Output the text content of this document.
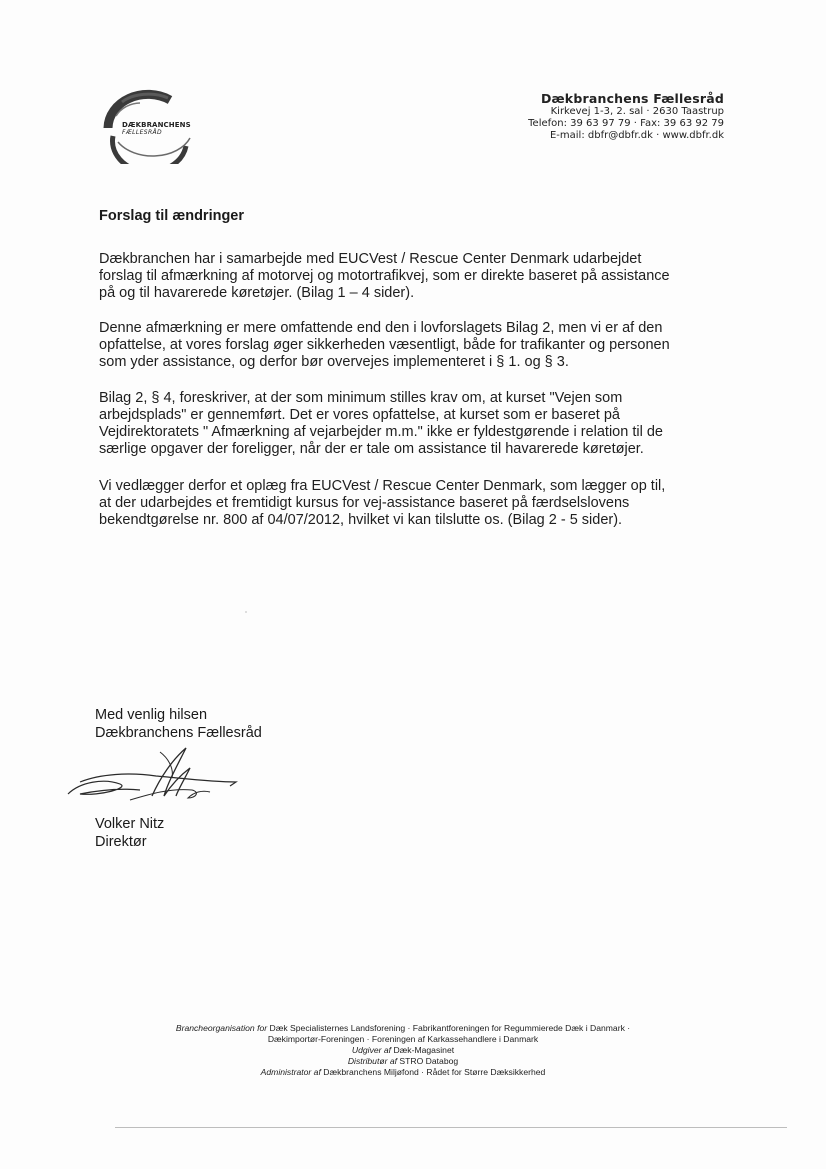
DÆKBRANCHENS
FÆLLESRÅD
Dækbranchens Fællesråd
Kirkevej 1-3, 2. sal · 2630 Taastrup
Telefon: 39 63 97 79 · Fax: 39 63 92 79
E-mail: dbfr@dbfr.dk · www.dbfr.dk
Forslag til ændringer

Dækbranchen har i samarbejde med EUCVest / Rescue Center Denmark udarbejdet
forslag til afmærkning af motorvej og motortrafikvej, som er direkte baseret på assistance
på og til havarerede køretøjer. (Bilag 1 – 4 sider).

Denne afmærkning er mere omfattende end den i lovforslagets Bilag 2, men vi er af den
opfattelse, at vores forslag øger sikkerheden væsentligt, både for trafikanter og personen
som yder assistance, og derfor bør overvejes implementeret i § 1. og § 3.

Bilag 2, § 4, foreskriver, at der som minimum stilles krav om, at kurset "Vejen som
arbejdsplads" er gennemført. Det er vores opfattelse, at kurset som er baseret på
Vejdirektoratets " Afmærkning af vejarbejder m.m." ikke er fyldestgørende i relation til de
særlige opgaver der foreligger, når der er tale om assistance til havarerede køretøjer.

Vi vedlægger derfor et oplæg fra EUCVest / Rescue Center Denmark, som lægger op til,
at der udarbejdes et fremtidigt kursus for vej-assistance baseret på færdselslovens
bekendtgørelse nr. 800 af 04/07/2012, hvilket vi kan tilslutte os. (Bilag 2 - 5 sider).

Med venlig hilsen
Dækbranchens Fællesråd
Volker Nitz
Direktør
Brancheorganisation for Dæk Specialisternes Landsforening · Fabrikantforeningen for Regummierede Dæk i Danmark ·
Dækimportør-Foreningen · Foreningen af Karkassehandlere i Danmark
Udgiver af Dæk-Magasinet
Distributør af STRO Databog
Administrator af Dækbranchens Miljøfond · Rådet for Større Dæksikkerhed
